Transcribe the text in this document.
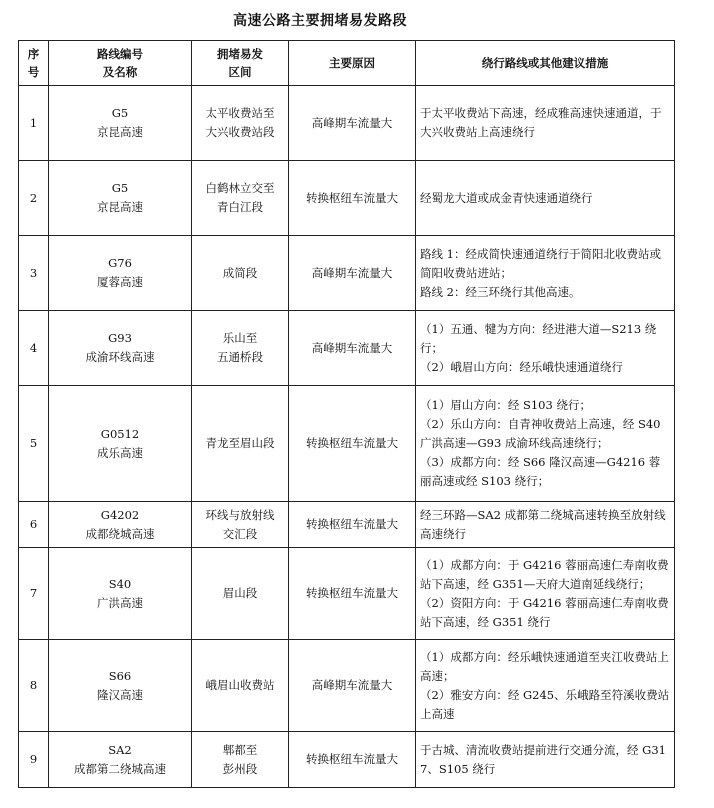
高速公路主要拥堵易发路段
序
号	路线编号
及名称	拥堵易发
区间	主要原因	绕行路线或其他建议措施
1	G5
京昆高速	太平收费站至
大兴收费站段	高峰期车流量大	于太平收费站下高速，经成雅高速快速通道，于大兴收费站上高速绕行

2	G5
京昆高速	白鹤林立交至
青白江段	转换枢纽车流量大	经蜀龙大道或成金青快速通道绕行

3	G76
厦蓉高速	成简段	高峰期车流量大	路线 1：经成简快速通道绕行于简阳北收费站或简阳收费站进站；
路线 2：经三环绕行其他高速。

4	G93
成渝环线高速	乐山至
五通桥段	高峰期车流量大	（1）五通、犍为方向：经进港大道—S213 绕行；
（2）峨眉山方向：经乐峨快速通道绕行

5	G0512
成乐高速	青龙至眉山段	转换枢纽车流量大	（1）眉山方向：经 S103 绕行；
（2）乐山方向：自青神收费站上高速，经 S40 广洪高速—G93 成渝环线高速绕行；
（3）成都方向：经 S66 隆汉高速—G4216 蓉丽高速或经 S103 绕行；

6	G4202
成都绕城高速	环线与放射线
交汇段	转换枢纽车流量大	经三环路—SA2 成都第二绕城高速转换至放射线高速绕行

7	S40
广洪高速	眉山段	转换枢纽车流量大	（1）成都方向：于 G4216 蓉丽高速仁寿南收费站下高速，经 G351—天府大道南延线绕行；
（2）资阳方向：于 G4216 蓉丽高速仁寿南收费站下高速，经 G351 绕行

8	S66
隆汉高速	峨眉山收费站	高峰期车流量大	（1）成都方向：经乐峨快速通道至夹江收费站上高速；
（2）雅安方向：经 G245、乐峨路至符溪收费站上高速

9	SA2
成都第二绕城高速	郫都至
彭州段	转换枢纽车流量大	于古城、清流收费站提前进行交通分流，经 G317、S105 绕行
